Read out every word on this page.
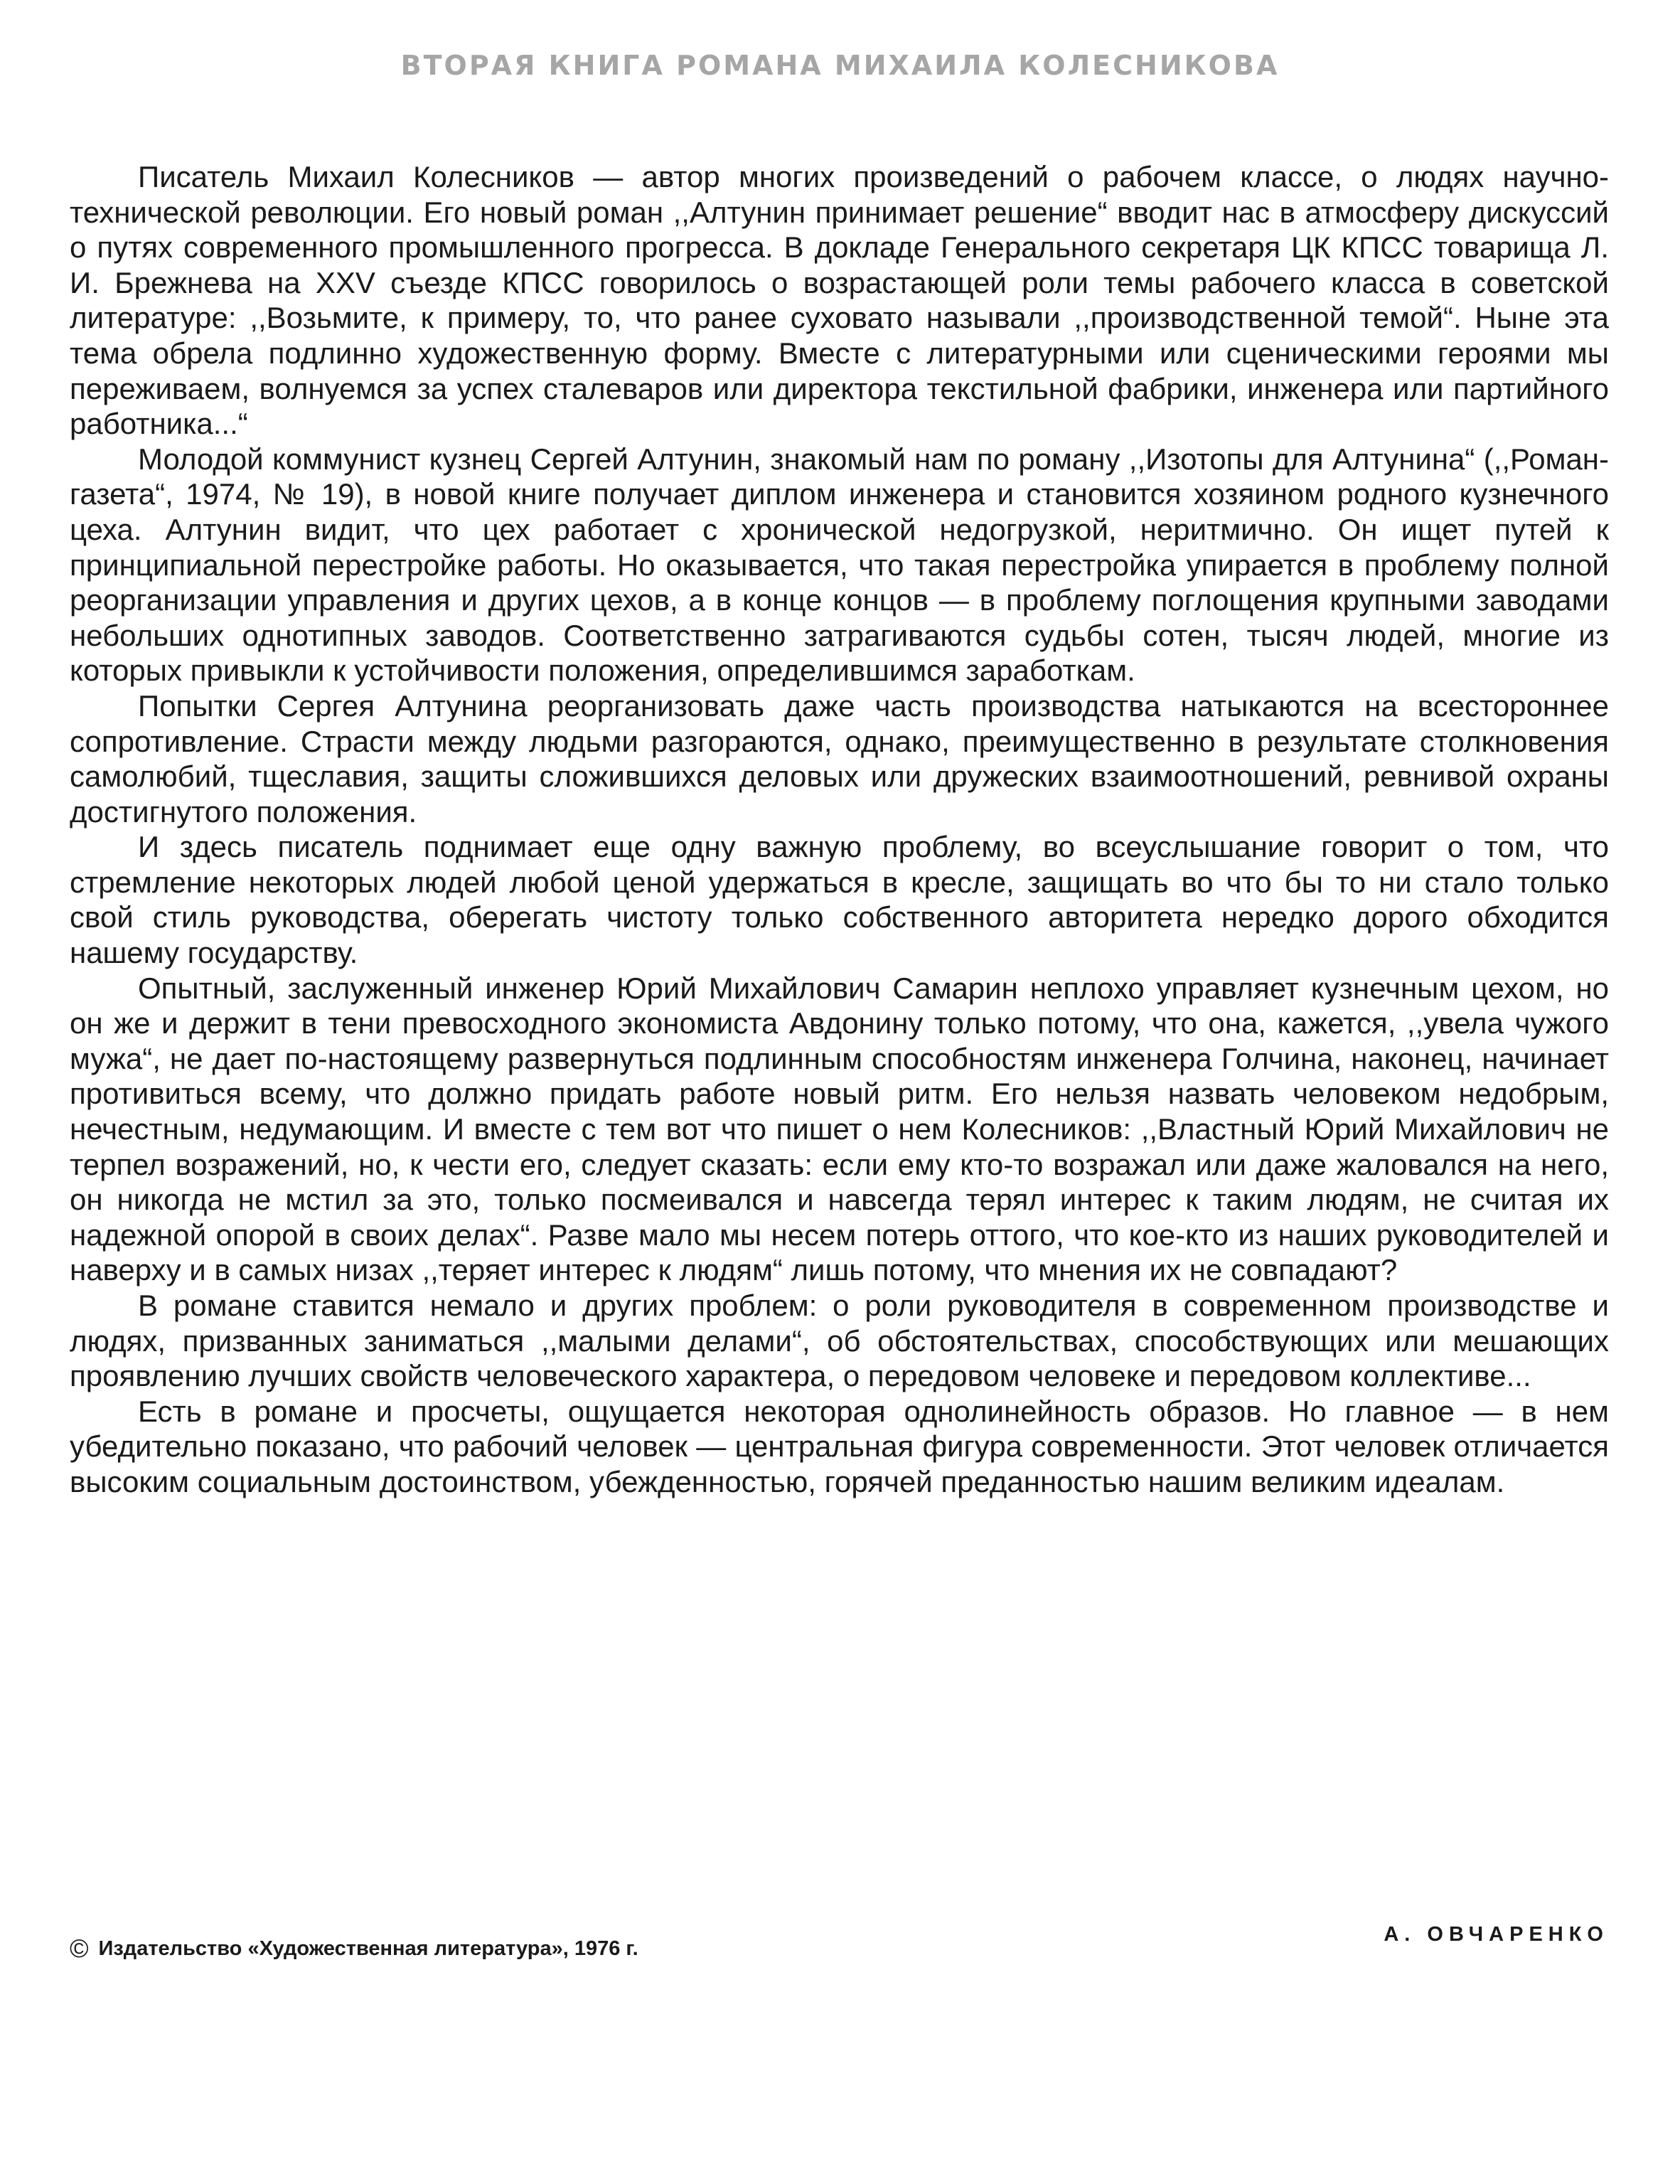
ВТОРАЯ КНИГА РОМАНА МИХАИЛА КОЛЕСНИКОВА

Писатель Михаил Колесников — автор многих произведений о рабочем классе, о людях научно-технической революции. Его новый роман ,,Алтунин принимает решение“ вводит нас в атмосферу дискуссий о путях современного промышленного прогресса. В докладе Генерального секретаря ЦК КПСС товарища Л. И. Брежнева на XXV съезде КПСС говорилось о возрастающей роли темы рабочего класса в советской литературе: ,,Возьмите, к примеру, то, что ранее суховато называли ,,производственной темой“. Ныне эта тема обрела подлинно художественную форму. Вместе с литературными или сценическими героями мы переживаем, волнуемся за успех сталеваров или директора текстильной фабрики, инженера или партийного работника...“

Молодой коммунист кузнец Сергей Алтунин, знакомый нам по роману ,,Изотопы для Алтунина“ (,,Роман-газета“, 1974, № 19), в новой книге получает диплом инженера и становится хозяином родного кузнечного цеха. Алтунин видит, что цех работает с хронической недогрузкой, неритмично. Он ищет путей к принципиальной перестройке работы. Но оказывается, что такая перестройка упирается в проблему полной реорганизации управления и других цехов, а в конце концов — в проблему поглощения крупными заводами небольших однотипных заводов. Соответственно затрагиваются судьбы сотен, тысяч людей, многие из которых привыкли к устойчивости положения, определившимся заработкам.

Попытки Сергея Алтунина реорганизовать даже часть производства натыкаются на всестороннее сопротивление. Страсти между людьми разгораются, однако, преимущественно в результате столкновения самолюбий, тщеславия, защиты сложившихся деловых или дружеских взаимоотношений, ревнивой охраны достигнутого положения.

И здесь писатель поднимает еще одну важную проблему, во всеуслышание говорит о том, что стремление некоторых людей любой ценой удержаться в кресле, защищать во что бы то ни стало только свой стиль руководства, оберегать чистоту только собственного авторитета нередко дорого обходится нашему государству.

Опытный, заслуженный инженер Юрий Михайлович Самарин неплохо управляет кузнечным цехом, но он же и держит в тени превосходного экономиста Авдонину только потому, что она, кажется, ,,увела чужого мужа“, не дает по-настоящему развернуться подлинным способностям инженера Голчина, наконец, начинает противиться всему, что должно придать работе новый ритм. Его нельзя назвать человеком недобрым, нечестным, недумающим. И вместе с тем вот что пишет о нем Колесников: ,,Властный Юрий Михайлович не терпел возражений, но, к чести его, следует сказать: если ему кто-то возражал или даже жаловался на него, он никогда не мстил за это, только посмеивался и навсегда терял интерес к таким людям, не считая их надежной опорой в своих делах“. Разве мало мы несем потерь оттого, что кое-кто из наших руководителей и наверху и в самых низах ,,теряет интерес к людям“ лишь потому, что мнения их не совпадают?

В романе ставится немало и других проблем: о роли руководителя в современном производстве и людях, призванных заниматься ,,малыми делами“, об обстоятельствах, способствующих или мешающих проявлению лучших свойств человеческого характера, о передовом человеке и передовом коллективе...

Есть в романе и просчеты, ощущается некоторая однолинейность образов. Но главное — в нем убедительно показано, что рабочий человек — центральная фигура современности. Этот человек отличается высоким социальным достоинством, убежденностью, горячей преданностью нашим великим идеалам.

© Издательство «Художественная литература», 1976 г.
А. ОВЧАРЕНКО
